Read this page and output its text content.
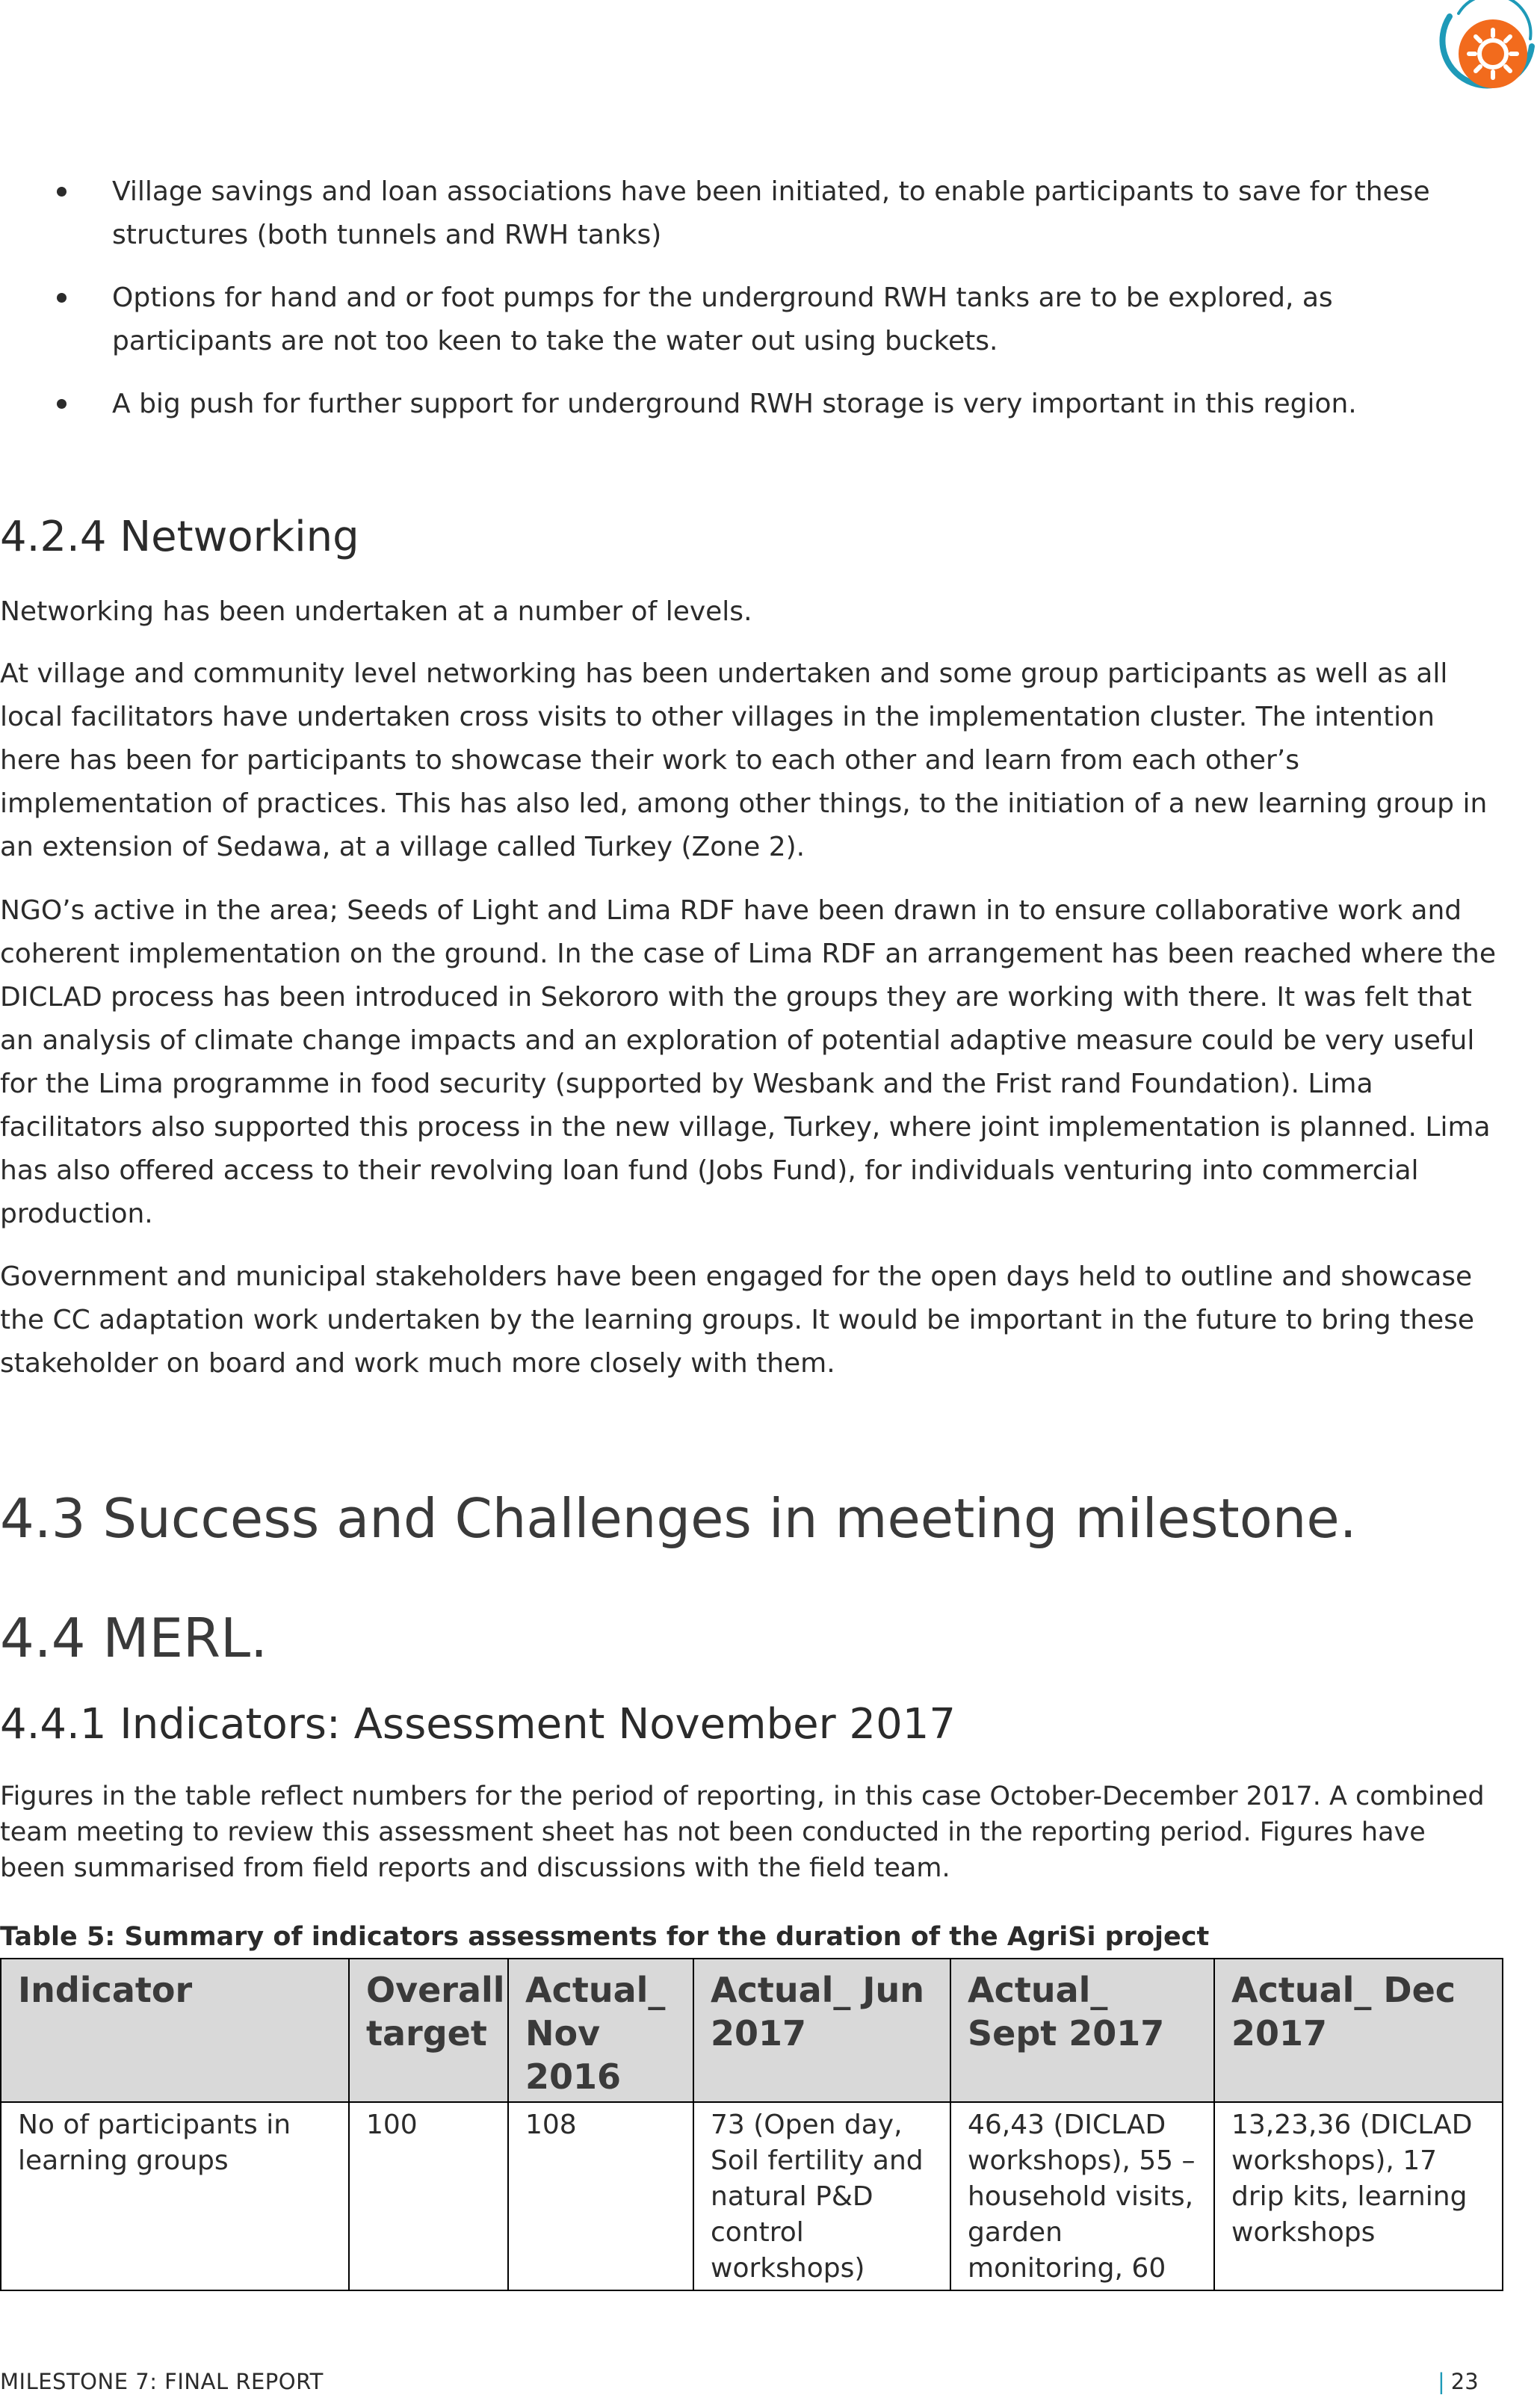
Village savings and loan associations have been initiated, to enable participants to save for these structures (both tunnels and RWH tanks)
Options for hand and or foot pumps for the underground RWH tanks are to be explored, as participants are not too keen to take the water out using buckets.
A big push for further support for underground RWH storage is very important in this region.
4.2.4 Networking

Networking has been undertaken at a number of levels.

At village and community level networking has been undertaken and some group participants as well as all local facilitators have undertaken cross visits to other villages in the implementation cluster. The intention here has been for participants to showcase their work to each other and learn from each other’s implementation of practices. This has also led, among other things, to the initiation of a new learning group in an extension of Sedawa, at a village called Turkey (Zone 2).

NGO’s active in the area; Seeds of Light and Lima RDF have been drawn in to ensure collaborative work and coherent implementation on the ground. In the case of Lima RDF an arrangement has been reached where the DICLAD process has been introduced in Sekororo with the groups they are working with there. It was felt that an analysis of climate change impacts and an exploration of potential adaptive measure could be very useful for the Lima programme in food security (supported by Wesbank and the Frist rand Foundation). Lima facilitators also supported this process in the new village, Turkey, where joint implementation is planned. Lima has also offered access to their revolving loan fund (Jobs Fund), for individuals venturing into commercial production.

Government and municipal stakeholders have been engaged for the open days held to outline and showcase the CC adaptation work undertaken by the learning groups. It would be important in the future to bring these stakeholder on board and work much more closely with them.

4.3 Success and Challenges in meeting milestone.
4.4 MERL.
4.4.1 Indicators: Assessment November 2017

Figures in the table reflect numbers for the period of reporting, in this case October-December 2017. A combined team meeting to review this assessment sheet has not been conducted in the reporting period. Figures have been summarised from field reports and discussions with the field team.

Table 5: Summary of indicators assessments for the duration of the AgriSi project

Indicator	Overall target	Actual_ Nov 2016	Actual_ Jun 2017	Actual_ Sept 2017	Actual_ Dec 2017
No of participants in learning groups	100	108	73 (Open day, Soil fertility and natural P&D control workshops)	46,43 (DICLAD workshops), 55 – household visits, garden monitoring, 60	13,23,36 (DICLAD workshops), 17 drip kits, learning workshops
MILESTONE 7: FINAL REPORT	| 23
